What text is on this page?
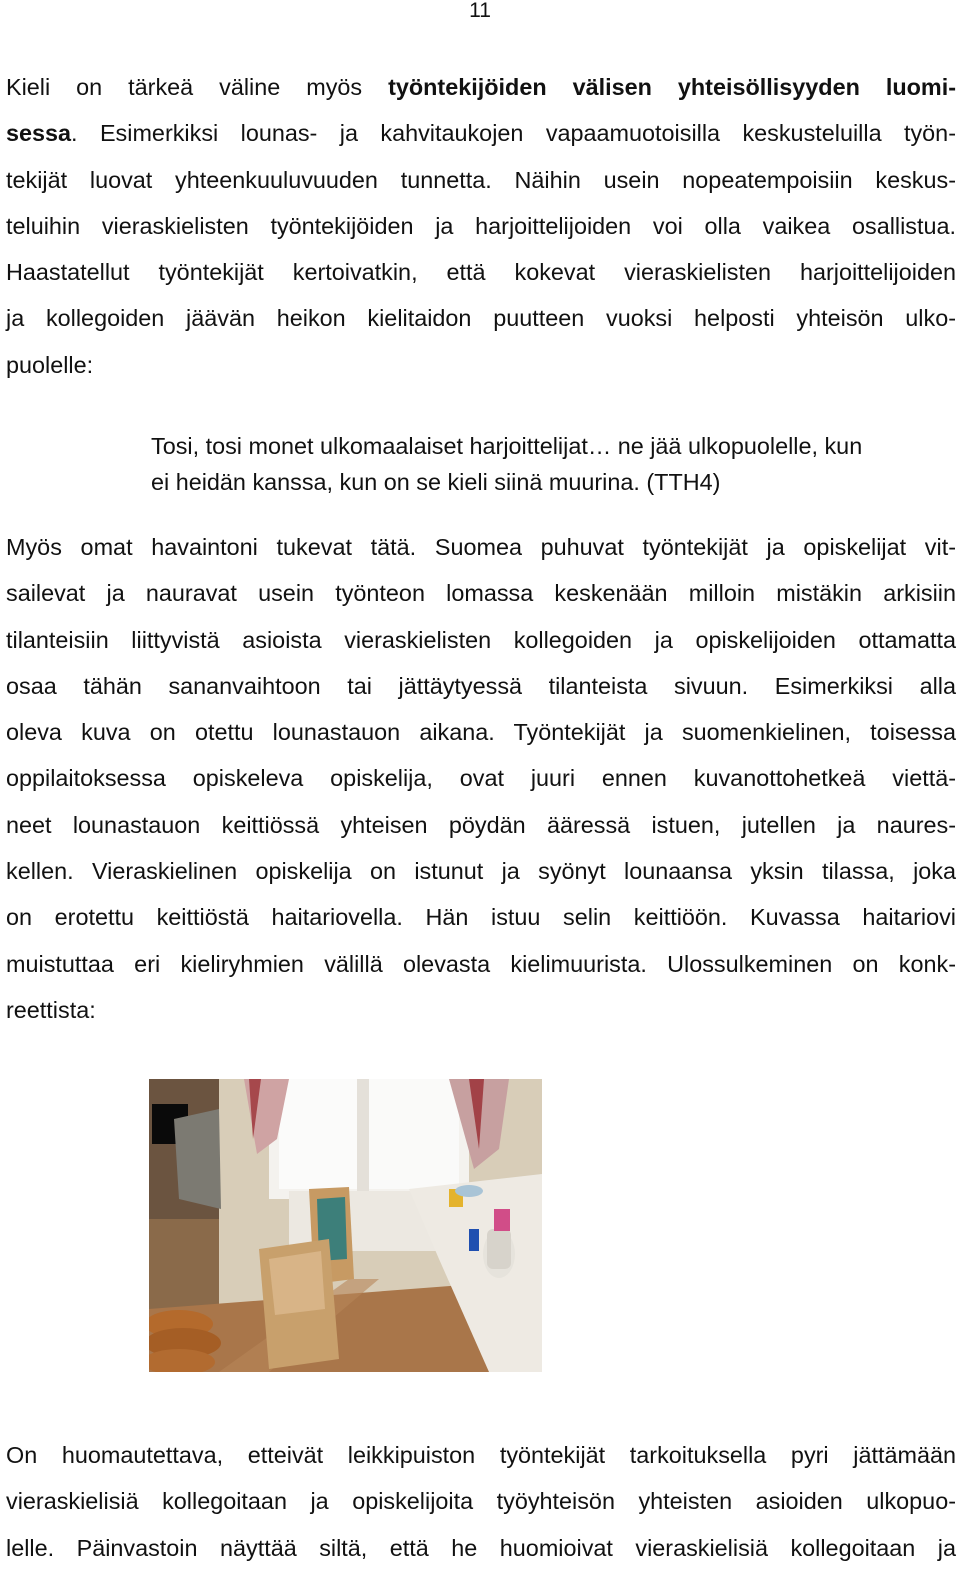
11

Kieli on tärkeä väline myös työntekijöiden välisen yhteisöllisyyden luomi-
sessa. Esimerkiksi lounas- ja kahvitaukojen vapaamuotoisilla keskusteluilla työn-
tekijät luovat yhteenkuuluvuuden tunnetta. Näihin usein nopeatempoisiin keskus-
teluihin vieraskielisten työntekijöiden ja harjoittelijoiden voi olla vaikea osallistua.
Haastatellut työntekijät kertoivatkin, että kokevat vieraskielisten harjoittelijoiden
ja kollegoiden jäävän heikon kielitaidon puutteen vuoksi helposti yhteisön ulko-
puolelle:

Tosi, tosi monet ulkomaalaiset harjoittelijat… ne jää ulkopuolelle, kun
ei heidän kanssa, kun on se kieli siinä muurina. (TTH4)

Myös omat havaintoni tukevat tätä. Suomea puhuvat työntekijät ja opiskelijat vit-
sailevat ja nauravat usein työnteon lomassa keskenään milloin mistäkin arkisiin
tilanteisiin liittyvistä asioista vieraskielisten kollegoiden ja opiskelijoiden ottamatta
osaa tähän sananvaihtoon tai jättäytyessä tilanteista sivuun. Esimerkiksi alla
oleva kuva on otettu lounastauon aikana. Työntekijät ja suomenkielinen, toisessa
oppilaitoksessa opiskeleva opiskelija, ovat juuri ennen kuvanottohetkeä viettä-
neet lounastauon keittiössä yhteisen pöydän ääressä istuen, jutellen ja naures-
kellen. Vieraskielinen opiskelija on istunut ja syönyt lounaansa yksin tilassa, joka
on erotettu keittiöstä haitariovella. Hän istuu selin keittiöön. Kuvassa haitariovi
muistuttaa eri kieliryhmien välillä olevasta kielimuurista. Ulossulkeminen on konk-
reettista:

On huomautettava, etteivät leikkipuiston työntekijät tarkoituksella pyri jättämään
vieraskielisiä kollegoitaan ja opiskelijoita työyhteisön yhteisten asioiden ulkopuo-
lelle. Päinvastoin näyttää siltä, että he huomioivat vieraskielisiä kollegoitaan ja
